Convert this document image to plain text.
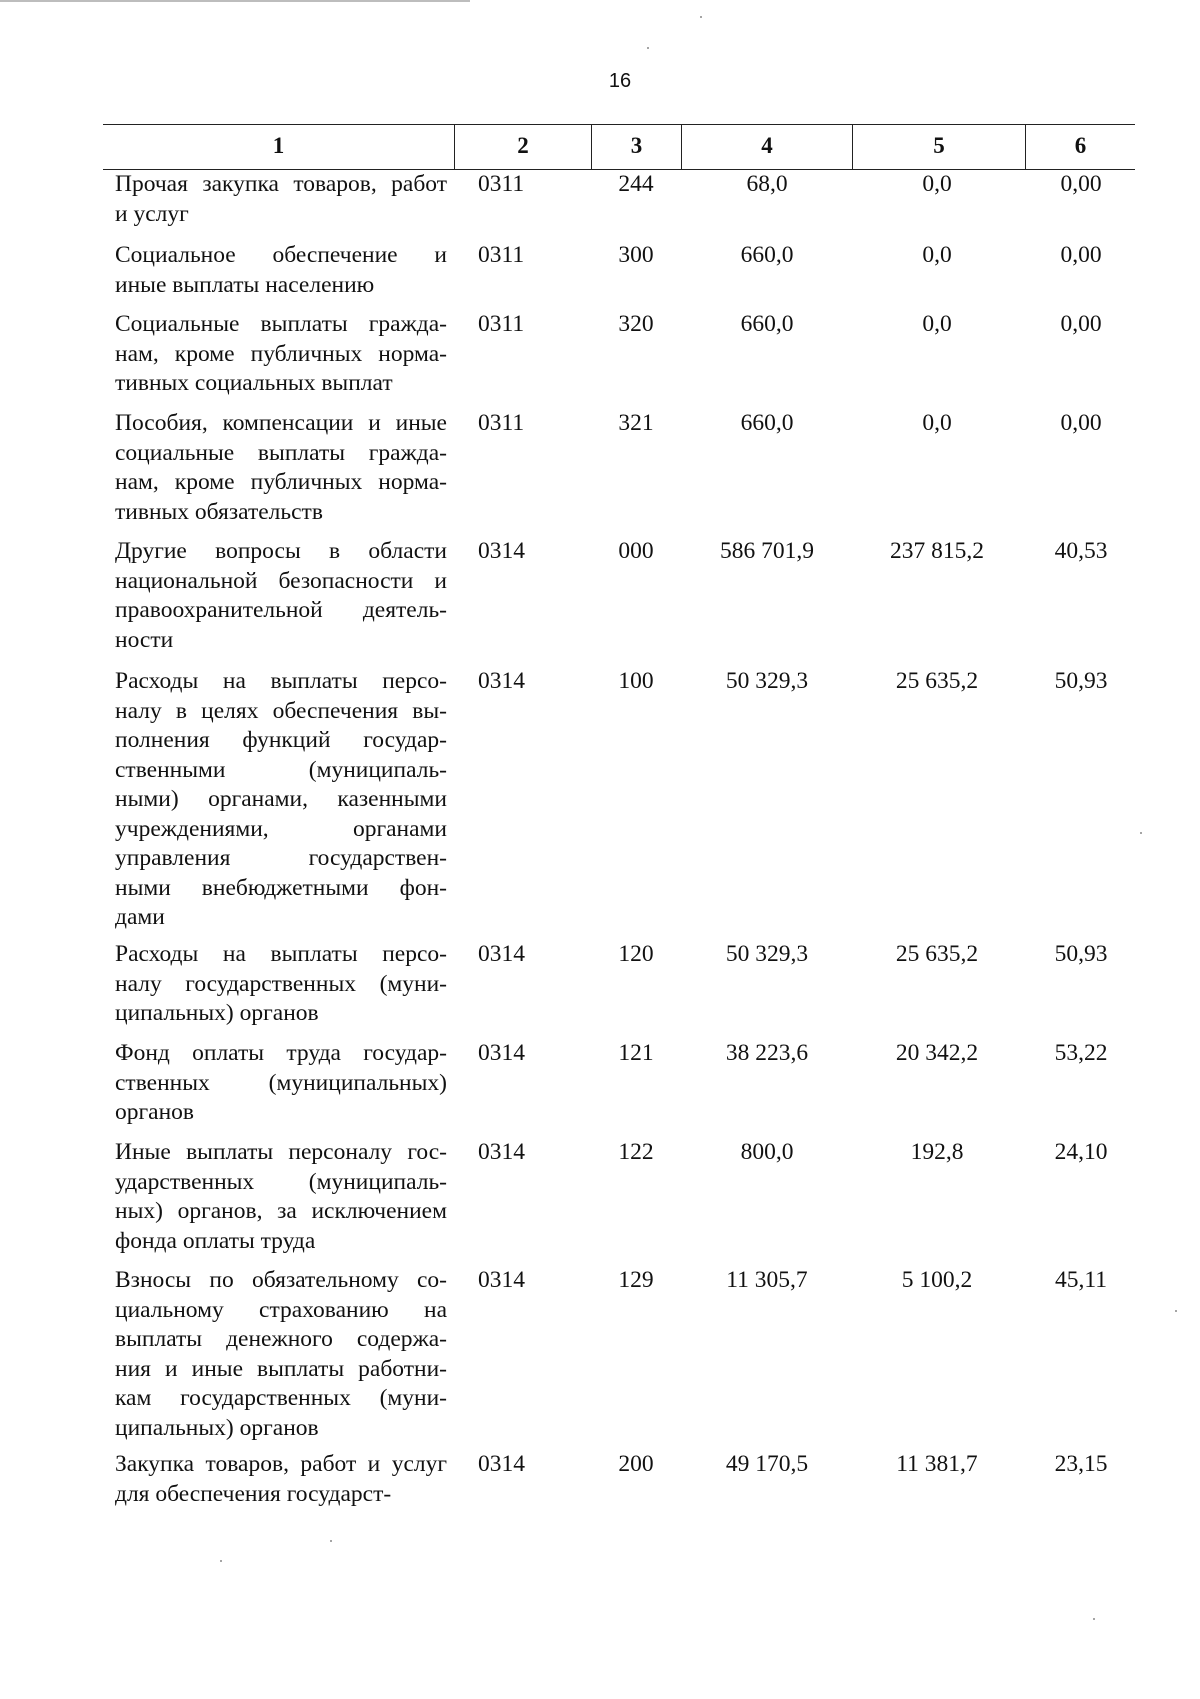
16
1	2	3	4	5	6
Прочая закупка товаров, работ
и услуг
0311	244	68,0	0,0	0,00
Социальное обеспечение и
иные выплаты населению
0311	300	660,0	0,0	0,00
Социальные выплаты гражда-
нам, кроме публичных норма-
тивных социальных выплат
0311	320	660,0	0,0	0,00
Пособия, компенсации и иные
социальные выплаты гражда-
нам, кроме публичных норма-
тивных обязательств
0311	321	660,0	0,0	0,00
Другие вопросы в области
национальной безопасности и
правоохранительной деятель-
ности
0314	000	586 701,9	237 815,2	40,53
Расходы на выплаты персо-
налу в целях обеспечения вы-
полнения функций государ-
ственными (муниципаль-
ными) органами, казенными
учреждениями, органами
управления государствен-
ными внебюджетными фон-
дами
0314	100	50 329,3	25 635,2	50,93
Расходы на выплаты персо-
налу государственных (муни-
ципальных) органов
0314	120	50 329,3	25 635,2	50,93
Фонд оплаты труда государ-
ственных (муниципальных)
органов
0314	121	38 223,6	20 342,2	53,22
Иные выплаты персоналу гос-
ударственных (муниципаль-
ных) органов, за исключением
фонда оплаты труда
0314	122	800,0	192,8	24,10
Взносы по обязательному со-
циальному страхованию на
выплаты денежного содержа-
ния и иные выплаты работни-
кам государственных (муни-
ципальных) органов
0314	129	11 305,7	5 100,2	45,11
Закупка товаров, работ и услуг
для обеспечения государст-
0314	200	49 170,5	11 381,7	23,15
